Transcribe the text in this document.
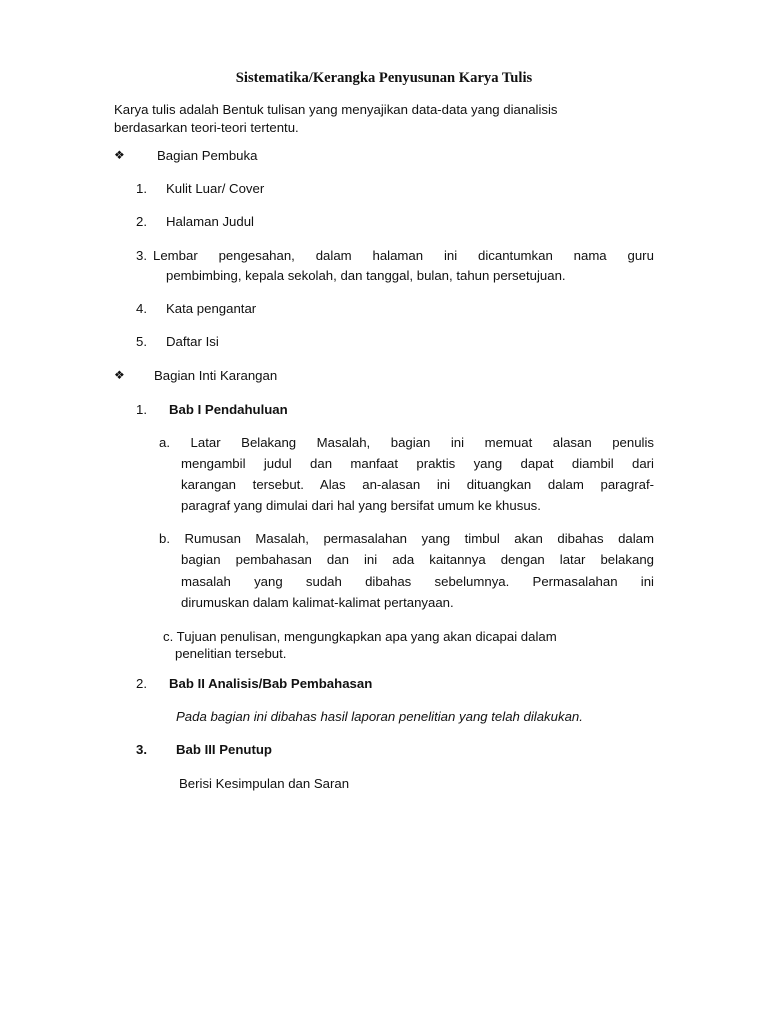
Sistematika/Kerangka Penyusunan Karya Tulis
Karya tulis adalah Bentuk tulisan yang menyajikan data-data yang dianalisis
berdasarkan teori-teori tertentu.
❖ Bagian Pembuka
1. Kulit Luar/ Cover
2. Halaman Judul
3. Lembar pengesahan, dalam halaman ini dicantumkan nama guru
pembimbing, kepala sekolah, dan tanggal, bulan, tahun persetujuan.
4. Kata pengantar
5. Daftar Isi
❖ Bagian Inti Karangan
1. Bab I Pendahuluan
a. Latar Belakang Masalah, bagian ini memuat alasan penulis
mengambil judul dan manfaat praktis yang dapat diambil dari
karangan tersebut. Alas an-alasan ini dituangkan dalam paragraf-
paragraf yang dimulai dari hal yang bersifat umum ke khusus.
b. Rumusan Masalah, permasalahan yang timbul akan dibahas dalam
bagian pembahasan dan ini ada kaitannya dengan latar belakang
masalah yang sudah dibahas sebelumnya. Permasalahan ini
dirumuskan dalam kalimat-kalimat pertanyaan.
c. Tujuan penulisan, mengungkapkan apa yang akan dicapai dalam
penelitian tersebut.
2. Bab II Analisis/Bab Pembahasan
Pada bagian ini dibahas hasil laporan penelitian yang telah dilakukan.
3. Bab III Penutup
Berisi Kesimpulan dan Saran
